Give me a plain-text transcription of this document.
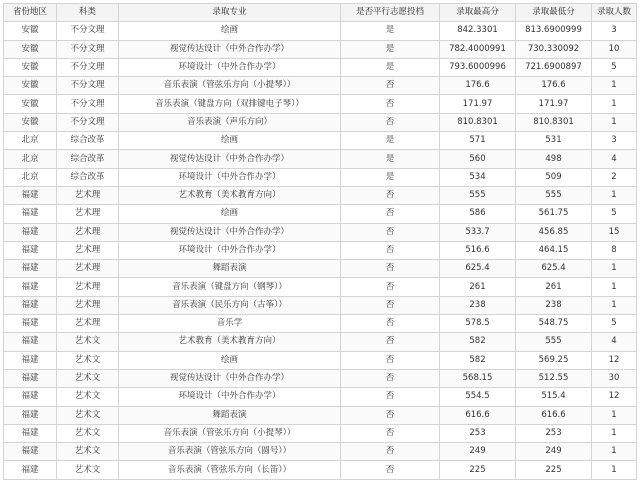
省份地区	科类	录取专业	是否平行志愿投档	录取最高分	录取最低分	录取人数
安徽	不分文理	绘画	是	842.3301	813.6900999	3
安徽	不分文理	视觉传达设计（中外合作办学）	是	782.4000991	730.330092	10
安徽	不分文理	环境设计（中外合作办学）	是	793.6000996	721.6900897	5
安徽	不分文理	音乐表演（管弦乐方向（小提琴））	否	176.6	176.6	1
安徽	不分文理	音乐表演（键盘方向（双排键电子琴））	否	171.97	171.97	1
安徽	不分文理	音乐表演（声乐方向）	否	810.8301	810.8301	1
北京	综合改革	绘画	是	571	531	3
北京	综合改革	视觉传达设计（中外合作办学）	是	560	498	4
北京	综合改革	环境设计（中外合作办学）	是	534	509	2
福建	艺术理	艺术教育（美术教育方向）	否	555	555	1
福建	艺术理	绘画	否	586	561.75	5
福建	艺术理	视觉传达设计（中外合作办学）	否	533.7	456.85	15
福建	艺术理	环境设计（中外合作办学）	否	516.6	464.15	8
福建	艺术理	舞蹈表演	否	625.4	625.4	1
福建	艺术理	音乐表演（键盘方向（钢琴））	否	261	261	1
福建	艺术理	音乐表演（民乐方向（古筝））	否	238	238	1
福建	艺术理	音乐学	否	578.5	548.75	5
福建	艺术文	艺术教育（美术教育方向）	否	582	555	4
福建	艺术文	绘画	否	582	569.25	12
福建	艺术文	视觉传达设计（中外合作办学）	否	568.15	512.55	30
福建	艺术文	环境设计（中外合作办学）	否	554.5	515.4	12
福建	艺术文	舞蹈表演	否	616.6	616.6	1
福建	艺术文	音乐表演（管弦乐方向（小提琴））	否	253	253	1
福建	艺术文	音乐表演（管弦乐方向（圆号））	否	249	249	1
福建	艺术文	音乐表演（管弦乐方向（长笛））	否	225	225	1
